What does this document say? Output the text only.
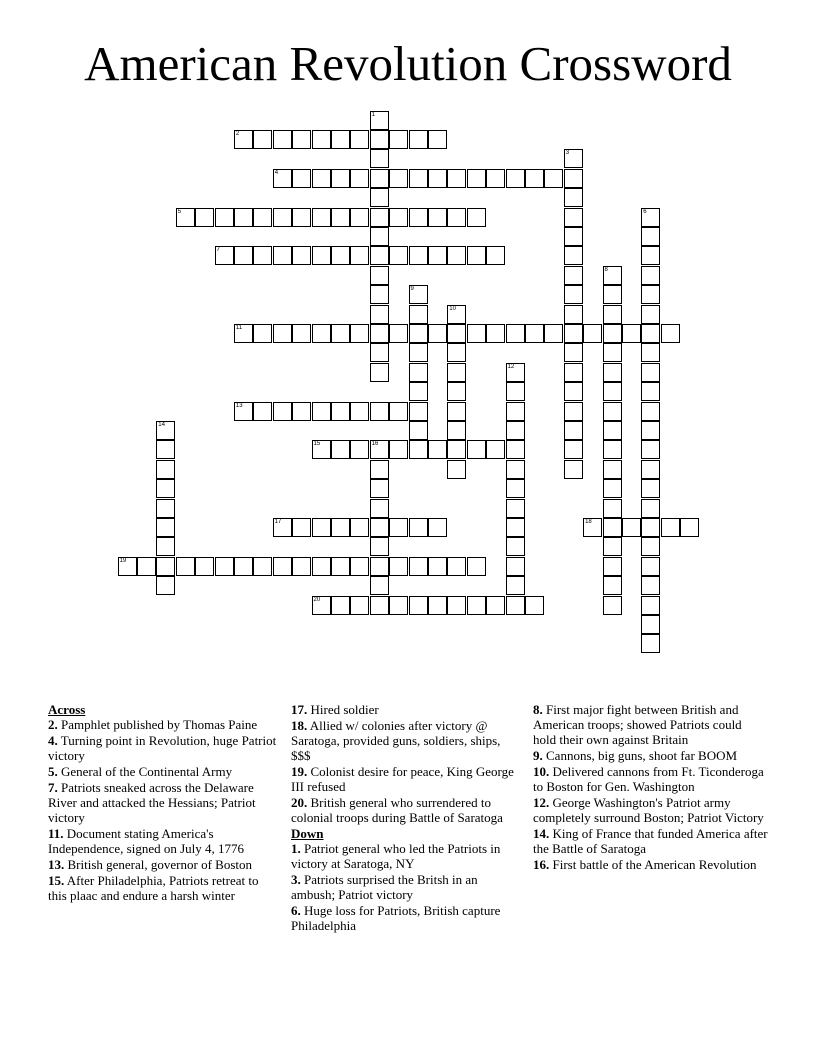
American Revolution Crossword
1
2
3
4
5	6
7
8
9
10
11
12
13
14
15	16
17	18
19
20
Across
2. Pamphlet published by Thomas Paine
4. Turning point in Revolution, huge Patriot victory
5. General of the Continental Army
7. Patriots sneaked across the Delaware River and attacked the Hessians; Patriot victory
11. Document stating America's Independence, signed on July 4, 1776
13. British general, governor of Boston
15. After Philadelphia, Patriots retreat to this plaac and endure a harsh winter
17. Hired soldier
18. Allied w/ colonies after victory @ Saratoga, provided guns, soldiers, ships, $$$
19. Colonist desire for peace, King George III refused
20. British general who surrendered to colonial troops during Battle of Saratoga
Down
1. Patriot general who led the Patriots in victory at Saratoga, NY
3. Patriots surprised the Britsh in an ambush; Patriot victory
6. Huge loss for Patriots, British capture Philadelphia
8. First major fight between British and American troops; showed Patriots could hold their own against Britain
9. Cannons, big guns, shoot far BOOM
10. Delivered cannons from Ft. Ticonderoga to Boston for Gen. Washington
12. George Washington's Patriot army completely surround Boston; Patriot Victory
14. King of France that funded America after the Battle of Saratoga
16. First battle of the American Revolution
